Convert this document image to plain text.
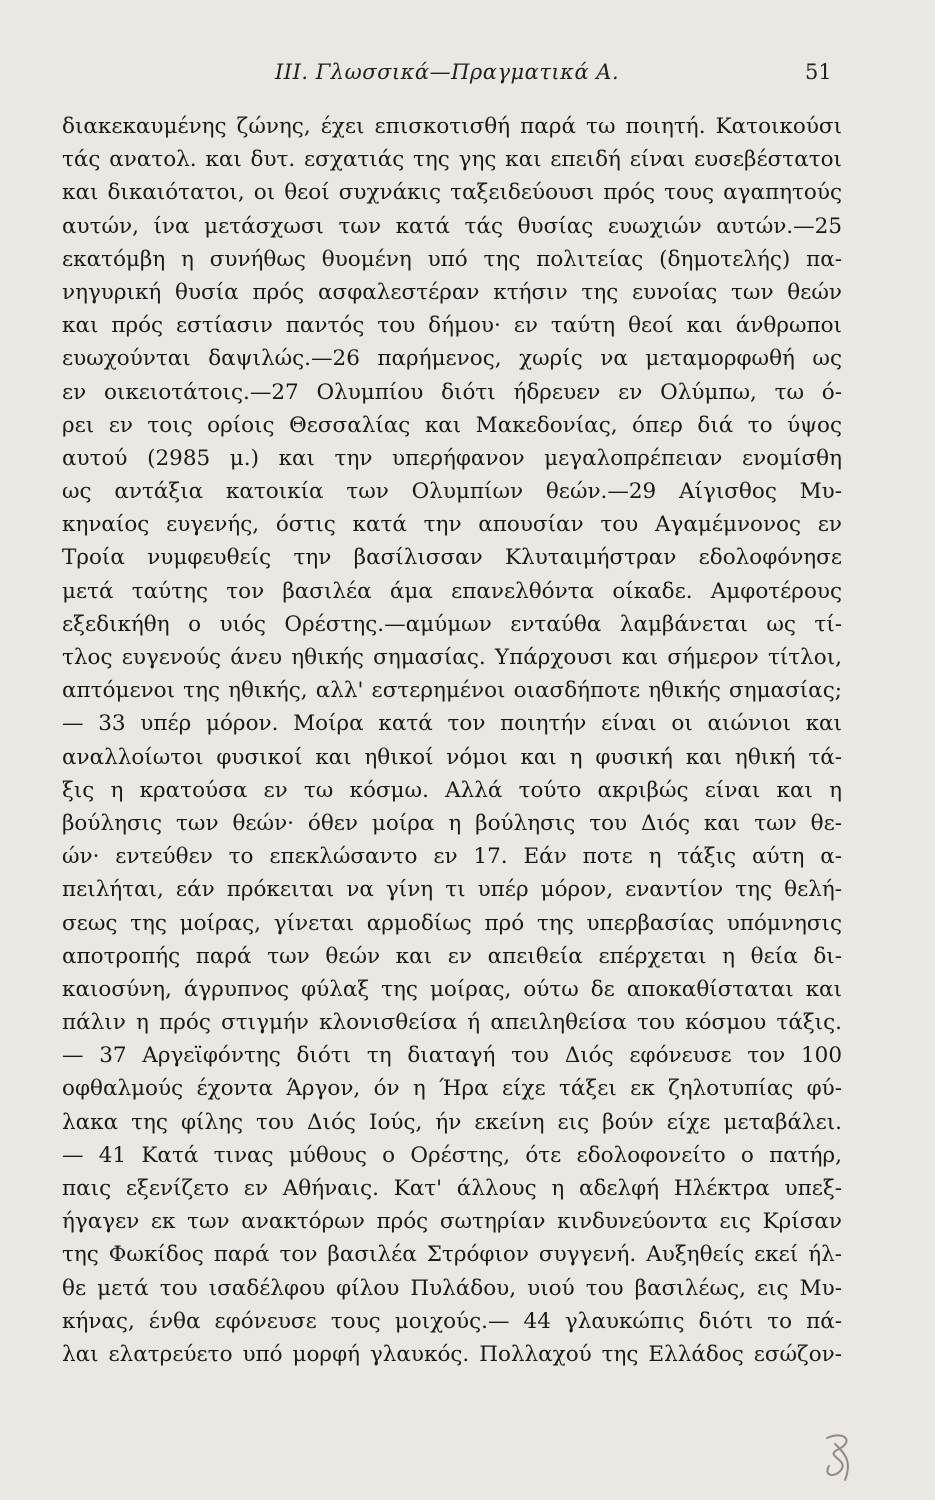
III. Γλωσσικά—Πραγματικά Α.	51
διακεκαυμένης ζώνης, έχει επισκοτισθή παρά τω ποιητή. Κατοικούσι
τάς ανατολ. και δυτ. εσχατιάς της γης και επειδή είναι ευσεβέστατοι
και δικαιότατοι, οι θεοί συχνάκις ταξειδεύουσι πρός τους αγαπητούς
αυτών, ίνα μετάσχωσι των κατά τάς θυσίας ευωχιών αυτών.—25
εκατόμβη η συνήθως θυομένη υπό της πολιτείας (δημοτελής) πα-
νηγυρική θυσία πρός ασφαλεστέραν κτήσιν της ευνοίας των θεών
και πρός εστίασιν παντός του δήμου· εν ταύτη θεοί και άνθρωποι
ευωχούνται δαψιλώς.—26 παρήμενος, χωρίς να μεταμορφωθή ως
εν οικειοτάτοις.—27 Ολυμπίου διότι ήδρευεν εν Ολύμπω, τω ό-
ρει εν τοις ορίοις Θεσσαλίας και Μακεδονίας, όπερ διά το ύψος
αυτού (2985 μ.) και την υπερήφανον μεγαλοπρέπειαν ενομίσθη
ως αντάξια κατοικία των Ολυμπίων θεών.—29 Αίγισθος Μυ-
κηναίος ευγενής, όστις κατά την απουσίαν του Αγαμέμνονος εν
Τροία νυμφευθείς την βασίλισσαν Κλυταιμήστραν εδολοφόνησε
μετά ταύτης τον βασιλέα άμα επανελθόντα οίκαδε. Αμφοτέρους
εξεδικήθη ο υιός Ορέστης.—αμύμων ενταύθα λαμβάνεται ως τί-
τλος ευγενούς άνευ ηθικής σημασίας. Υπάρχουσι και σήμερον τίτλοι,
απτόμενοι της ηθικής, αλλ' εστερημένοι οιασδήποτε ηθικής σημασίας;
— 33 υπέρ μόρον. Μοίρα κατά τον ποιητήν είναι οι αιώνιοι και
αναλλοίωτοι φυσικοί και ηθικοί νόμοι και η φυσική και ηθική τά-
ξις η κρατούσα εν τω κόσμω. Αλλά τούτο ακριβώς είναι και η
βούλησις των θεών· όθεν μοίρα η βούλησις του Διός και των θε-
ών· εντεύθεν το επεκλώσαντο εν 17. Εάν ποτε η τάξις αύτη α-
πειλήται, εάν πρόκειται να γίνη τι υπέρ μόρον, εναντίον της θελή-
σεως της μοίρας, γίνεται αρμοδίως πρό της υπερβασίας υπόμνησις
αποτροπής παρά των θεών και εν απειθεία επέρχεται η θεία δι-
καιοσύνη, άγρυπνος φύλαξ της μοίρας, ούτω δε αποκαθίσταται και
πάλιν η πρός στιγμήν κλονισθείσα ή απειληθείσα του κόσμου τάξις.
— 37 Αργεϊφόντης διότι τη διαταγή του Διός εφόνευσε τον 100
οφθαλμούς έχοντα Άργον, όν η Ήρα είχε τάξει εκ ζηλοτυπίας φύ-
λακα της φίλης του Διός Ιούς, ήν εκείνη εις βούν είχε μεταβάλει.
— 41 Κατά τινας μύθους ο Ορέστης, ότε εδολοφονείτο ο πατήρ,
παις εξενίζετο εν Αθήναις. Κατ' άλλους η αδελφή Ηλέκτρα υπεξ-
ήγαγεν εκ των ανακτόρων πρός σωτηρίαν κινδυνεύοντα εις Κρίσαν
της Φωκίδος παρά τον βασιλέα Στρόφιον συγγενή. Αυξηθείς εκεί ήλ-
θε μετά του ισαδέλφου φίλου Πυλάδου, υιού του βασιλέως, εις Μυ-
κήνας, ένθα εφόνευσε τους μοιχούς.— 44 γλαυκώπις διότι το πά-
λαι ελατρεύετο υπό μορφή γλαυκός. Πολλαχού της Ελλάδος εσώζον-
